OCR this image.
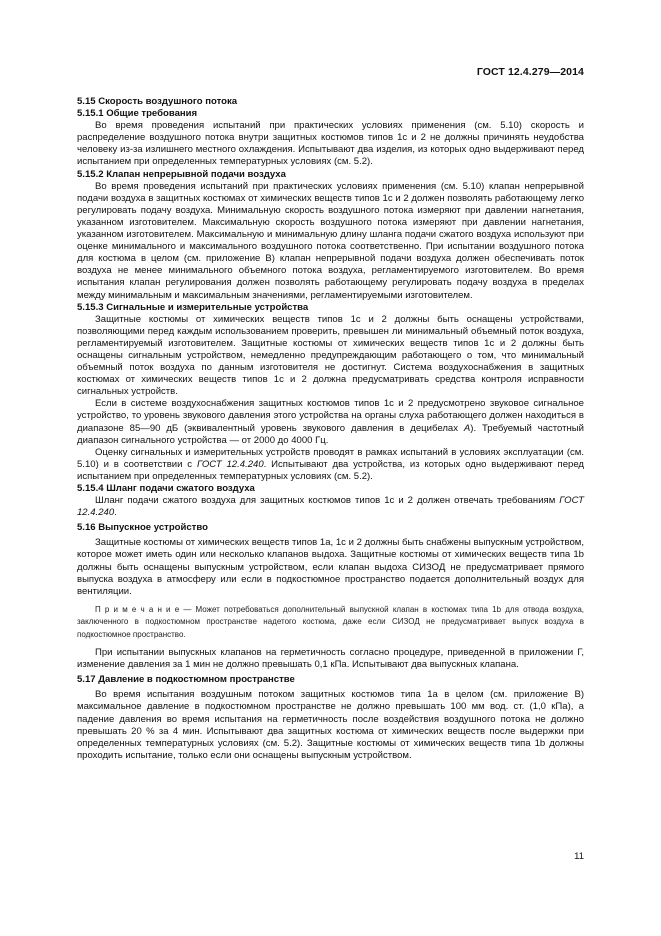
ГОСТ 12.4.279—2014
5.15 Скорость воздушного потока
5.15.1 Общие требования

Во время проведения испытаний при практических условиях применения (см. 5.10) скорость и распределение воздушного потока внутри защитных костюмов типов 1с и 2 не должны причинять неудобства человеку из-за излишнего местного охлаждения. Испытывают два изделия, из которых одно выдерживают перед испытанием при определенных температурных условиях (см. 5.2).

5.15.2 Клапан непрерывной подачи воздуха

Во время проведения испытаний при практических условиях применения (см. 5.10) клапан непрерывной подачи воздуха в защитных костюмах от химических веществ типов 1с и 2 должен позволять работающему легко регулировать подачу воздуха. Минимальную скорость воздушного потока измеряют при давлении нагнетания, указанном изготовителем. Максимальную скорость воздушного потока измеряют при давлении нагнетания, указанном изготовителем. Максимальную и минимальную длину шланга подачи сжатого воздуха используют при оценке минимального и максимального воздушного потока соответственно. При испытании воздушного потока для костюма в целом (см. приложение В) клапан непрерывной подачи воздуха должен обеспечивать поток воздуха не менее минимального объемного потока воздуха, регламентируемого изготовителем. Во время испытания клапан регулирования должен позволять работающему регулировать подачу воздуха в пределах между минимальным и максимальным значениями, регламентируемыми изготовителем.

5.15.3 Сигнальные и измерительные устройства

Защитные костюмы от химических веществ типов 1с и 2 должны быть оснащены устройствами, позволяющими перед каждым использованием проверить, превышен ли минимальный объемный поток воздуха, регламентируемый изготовителем. Защитные костюмы от химических веществ типов 1с и 2 должны быть оснащены сигнальным устройством, немедленно предупреждающим работающего о том, что минимальный объемный поток воздуха по данным изготовителя не достигнут. Система воздухоснабжения в защитных костюмах от химических веществ типов 1с и 2 должна предусматривать средства контроля исправности сигнальных устройств.

Если в системе воздухоснабжения защитных костюмов типов 1с и 2 предусмотрено звуковое сигнальное устройство, то уровень звукового давления этого устройства на органы слуха работающего должен находиться в диапазоне 85—90 дБ (эквивалентный уровень звукового давления в децибелах А). Требуемый частотный диапазон сигнального устройства — от 2000 до 4000 Гц.

Оценку сигнальных и измерительных устройств проводят в рамках испытаний в условиях эксплуатации (см. 5.10) и в соответствии с ГОСТ 12.4.240. Испытывают два устройства, из которых одно выдерживают перед испытанием при определенных температурных условиях (см. 5.2).

5.15.4 Шланг подачи сжатого воздуха

Шланг подачи сжатого воздуха для защитных костюмов типов 1с и 2 должен отвечать требованиям ГОСТ 12.4.240.

5.16 Выпускное устройство

Защитные костюмы от химических веществ типов 1а, 1с и 2 должны быть снабжены выпускным устройством, которое может иметь один или несколько клапанов выдоха. Защитные костюмы от химических веществ типа 1b должны быть оснащены выпускным устройством, если клапан выдоха СИЗОД не предусматривает прямого выпуска воздуха в атмосферу или если в подкостюмное пространство подается дополнительный воздух для вентиляции.

П р и м е ч а н и е — Может потребоваться дополнительный выпускной клапан в костюмах типа 1b для отвода воздуха, заключенного в подкостюмном пространстве надетого костюма, даже если СИЗОД не предусматривает выпуск воздуха в подкостюмное пространство.

При испытании выпускных клапанов на герметичность согласно процедуре, приведенной в приложении Г, изменение давления за 1 мин не должно превышать 0,1 кПа. Испытывают два выпускных клапана.

5.17 Давление в подкостюмном пространстве

Во время испытания воздушным потоком защитных костюмов типа 1а в целом (см. приложение В) максимальное давление в подкостюмном пространстве не должно превышать 100 мм вод. ст. (1,0 кПа), а падение давления во время испытания на герметичность после воздействия воздушного потока не должно превышать 20 % за 4 мин. Испытывают два защитных костюма от химических веществ после выдержки при определенных температурных условиях (см. 5.2). Защитные костюмы от химических веществ типа 1b должны проходить испытание, только если они оснащены выпускным устройством.

11
